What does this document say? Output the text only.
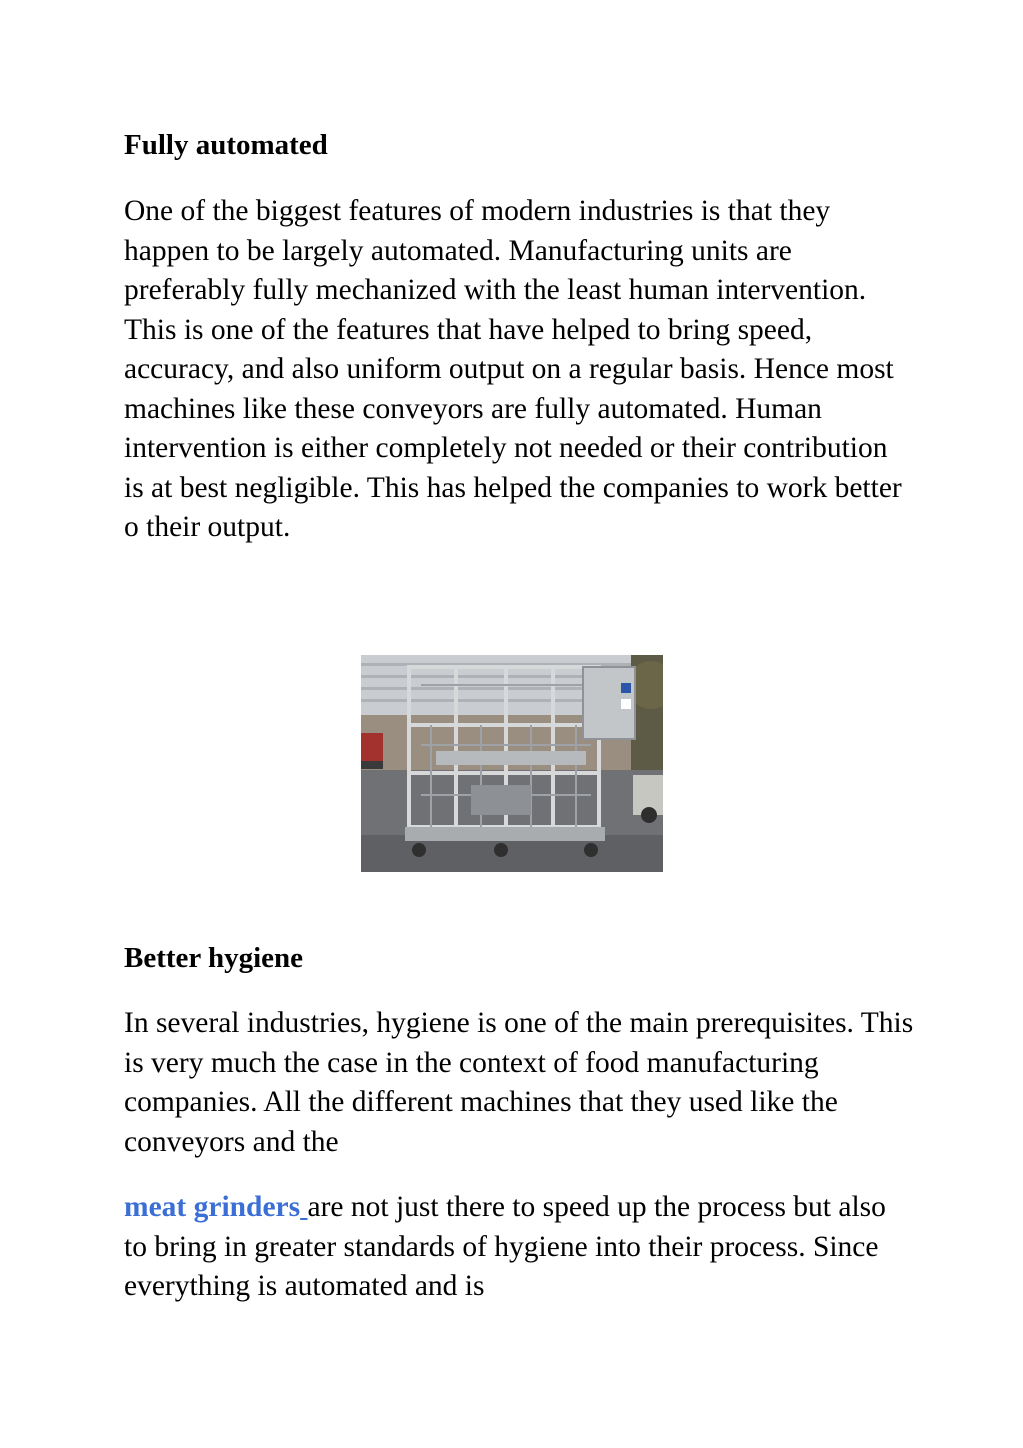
Fully automated

One of the biggest features of modern industries is that they happen to be largely automated. Manufacturing units are preferably fully mechanized with the least human intervention. This is one of the features that have helped to bring speed, accuracy, and also uniform output on a regular basis. Hence most machines like these conveyors are fully automated. Human intervention is either completely not needed or their contribution is at best negligible. This has helped the companies to work better o their output.

Better hygiene

In several industries, hygiene is one of the main prerequisites. This is very much the case in the context of food manufacturing companies. All the different machines that they used like the conveyors and the

meat grinders are not just there to speed up the process but also to bring in greater standards of hygiene into their process. Since everything is automated and is
